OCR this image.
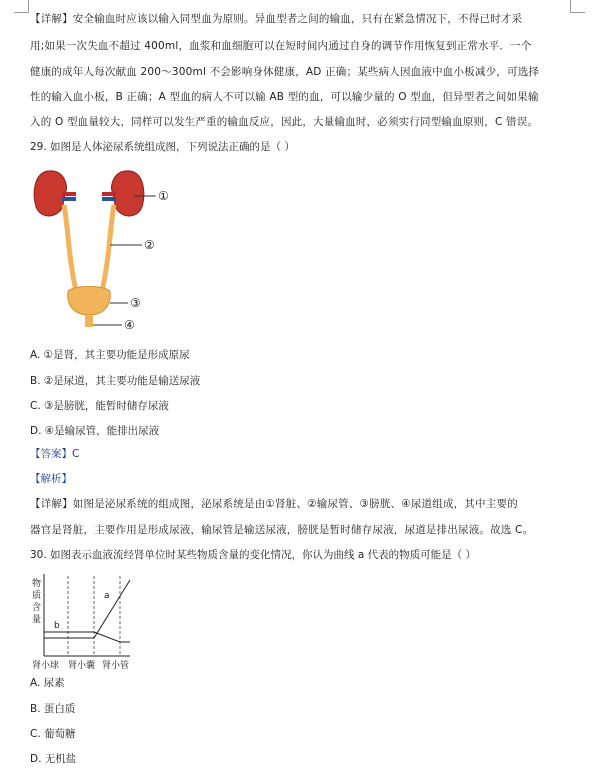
【详解】安全输血时应该以输入同型血为原则。异血型者之间的输血，只有在紧急情况下，不得已时才采
用;如果一次失血不超过 400ml，血浆和血细胞可以在短时间内通过自身的调节作用恢复到正常水平．一个
健康的成年人每次献血 200～300ml 不会影响身体健康，AD 正确；某些病人因血液中血小板减少，可选择
性的输入血小板，B 正确；A 型血的病人不可以输 AB 型的血，可以输少量的 O 型血，但异型者之间如果输
入的 O 型血量较大，同样可以发生严重的输血反应，因此，大量输血时，必须实行同型输血原则，C 错误。
29. 如图是人体泌尿系统组成图，下列说法正确的是（ ）
①
②
③
④
A. ①是肾，其主要功能是形成原尿
B. ②是尿道，其主要功能是输送尿液
C. ③是膀胱，能暂时储存尿液
D. ④是输尿管，能排出尿液
【答案】C
【解析】
【详解】如图是泌尿系统的组成图，泌尿系统是由①肾脏、②输尿管、③膀胱、④尿道组成，其中主要的
器官是肾脏，主要作用是形成尿液，输尿管是输送尿液，膀胱是暂时储存尿液，尿道是排出尿液。故选 C。
30. 如图表示血液流经肾单位时某些物质含量的变化情况，你认为曲线 a 代表的物质可能是（ ）
物
质
含
量
a
b
肾小球 肾小囊 肾小管
A. 尿素
B. 蛋白质
C. 葡萄糖
D. 无机盐
